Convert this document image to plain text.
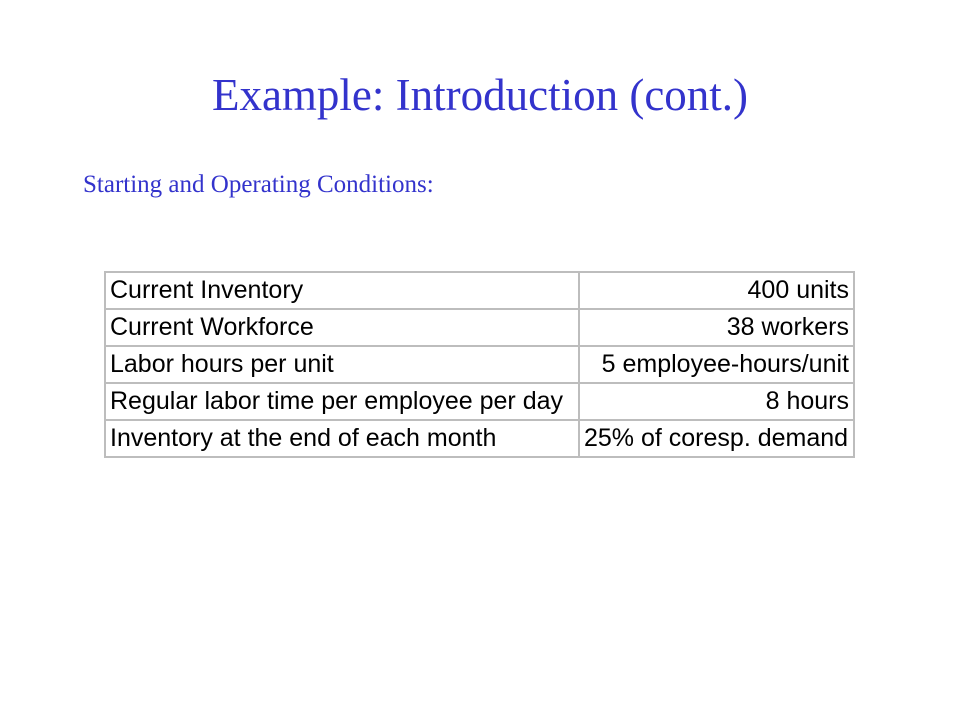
Example: Introduction (cont.)
Starting and Operating Conditions:
Current Inventory	400 units
Current Workforce	38 workers
Labor hours per unit	5 employee-hours/unit
Regular labor time per employee per day	8 hours
Inventory at the end of each month	25% of coresp. demand
